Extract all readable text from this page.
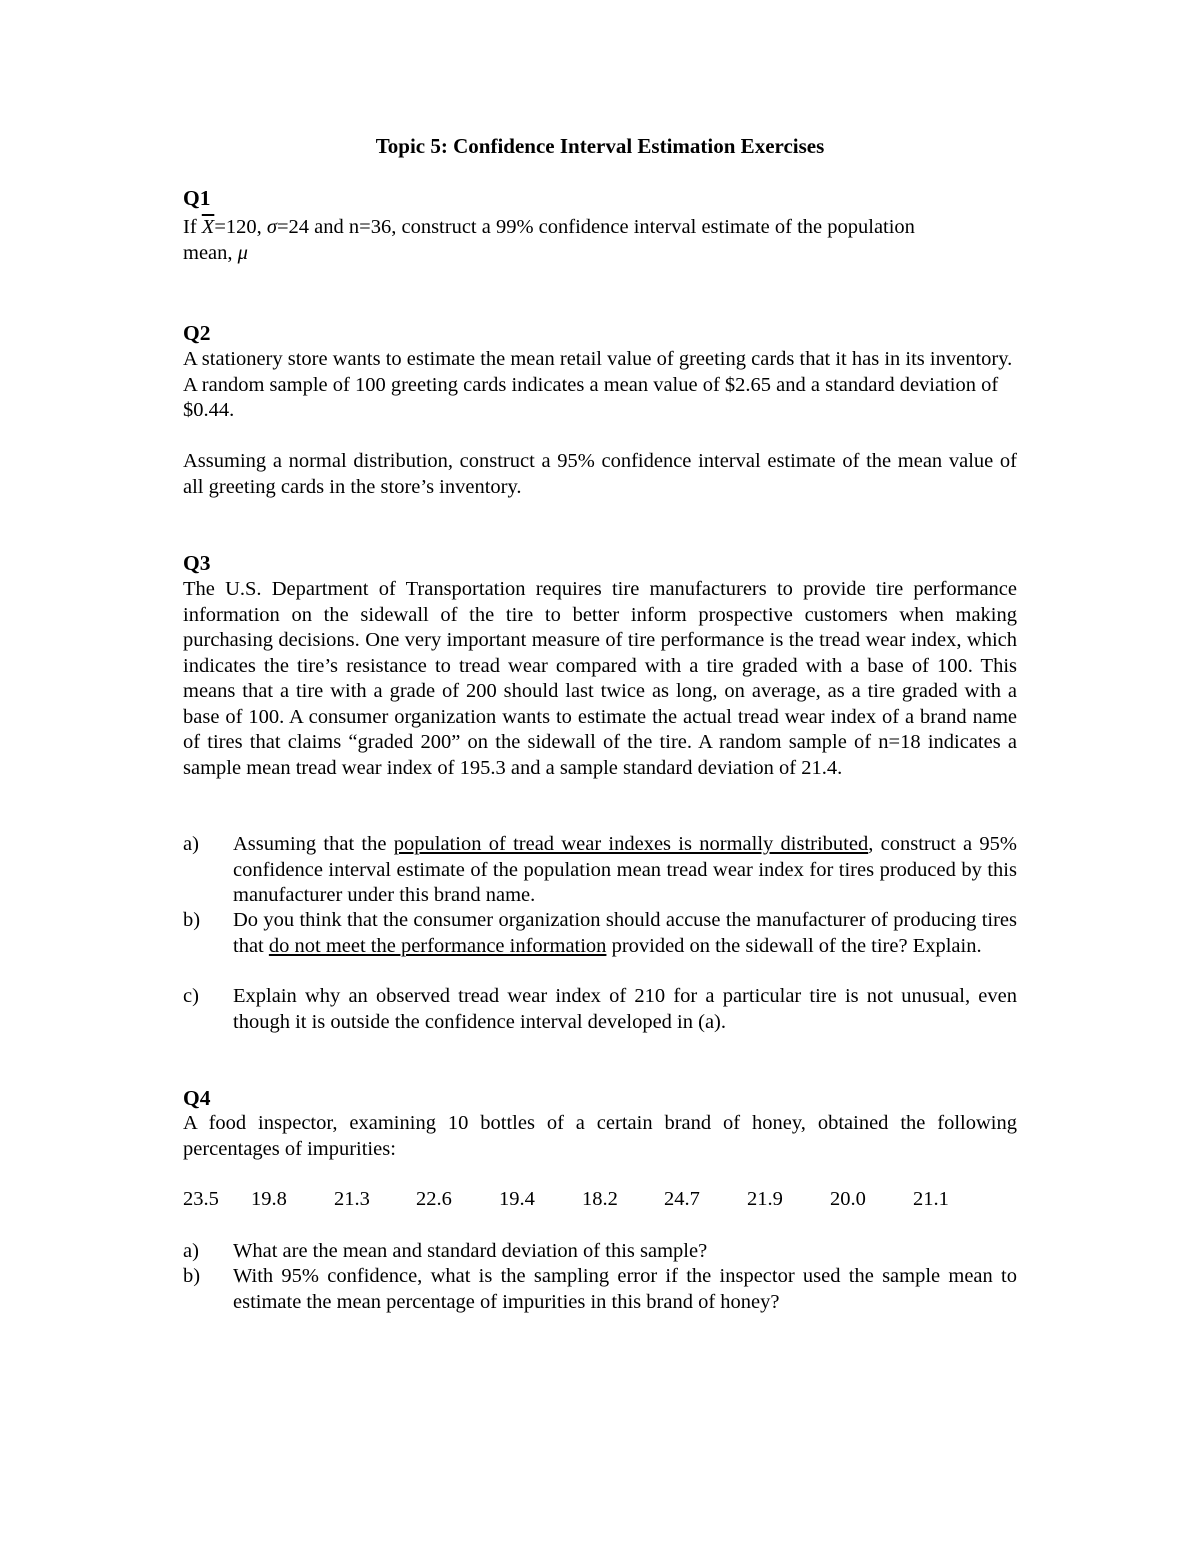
Topic 5: Confidence Interval Estimation Exercises
Q1
If $\overline{X}=120$, σ=24 and n=36, construct a 99% confidence interval estimate of the population
mean, μ
Q2
A stationery store wants to estimate the mean retail value of greeting cards that it has in its inventory. A random sample of 100 greeting cards indicates a mean value of $2.65 and a standard deviation of $0.44.
Assuming a normal distribution, construct a 95% confidence interval estimate of the mean value of all greeting cards in the store’s inventory.
Q3
The U.S. Department of Transportation requires tire manufacturers to provide tire performance information on the sidewall of the tire to better inform prospective customers when making purchasing decisions. One very important measure of tire performance is the tread wear index, which indicates the tire’s resistance to tread wear compared with a tire graded with a base of 100. This means that a tire with a grade of 200 should last twice as long, on average, as a tire graded with a base of 100. A consumer organization wants to estimate the actual tread wear index of a brand name of tires that claims “graded 200” on the sidewall of the tire. A random sample of n=18 indicates a sample mean tread wear index of 195.3 and a sample standard deviation of 21.4.
a)	Assuming that the population of tread wear indexes is normally distributed, construct a 95% confidence interval estimate of the population mean tread wear index for tires produced by this manufacturer under this brand name.
b)	Do you think that the consumer organization should accuse the manufacturer of producing tires that do not meet the performance information provided on the sidewall of the tire? Explain.
c)	Explain why an observed tread wear index of 210 for a particular tire is not unusual, even though it is outside the confidence interval developed in (a).
Q4
A food inspector, examining 10 bottles of a certain brand of honey, obtained the following percentages of impurities:
23.5 19.8 21.3 22.6 19.4 18.2 24.7 21.9 20.0 21.1
a)	What are the mean and standard deviation of this sample?
b)	With 95% confidence, what is the sampling error if the inspector used the sample mean to estimate the mean percentage of impurities in this brand of honey?
